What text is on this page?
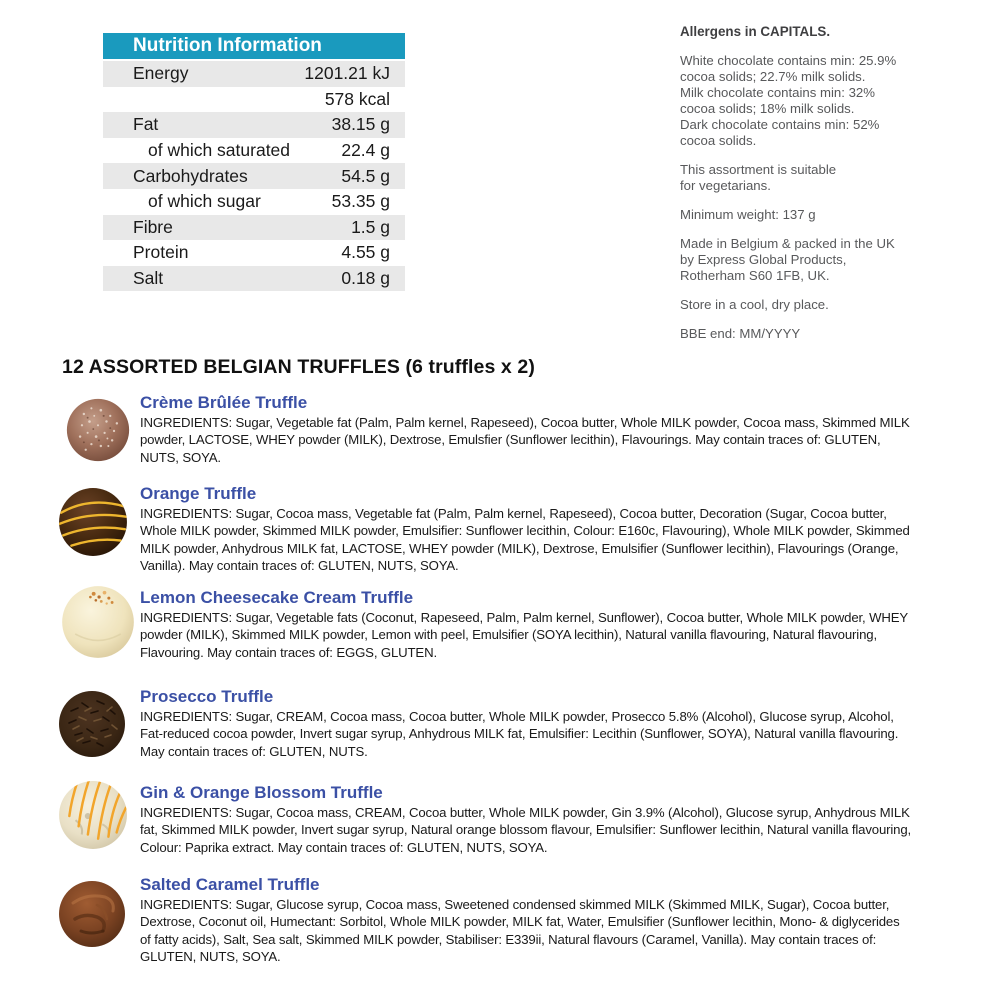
Nutrition Information
Energy	1201.21 kJ
578 kcal
Fat	38.15 g
of which saturated	22.4 g
Carbohydrates	54.5 g
of which sugar	53.35 g
Fibre	1.5 g
Protein	4.55 g
Salt	0.18 g
Allergens in CAPITALS.

White chocolate contains min: 25.9%
cocoa solids; 22.7% milk solids.
Milk chocolate contains min: 32%
cocoa solids; 18% milk solids.
Dark chocolate contains min: 52%
cocoa solids.

This assortment is suitable
for vegetarians.

Minimum weight: 137 g

Made in Belgium & packed in the UK
by Express Global Products,
Rotherham S60 1FB, UK.

Store in a cool, dry place.

BBE end: MM/YYYY

12 ASSORTED BELGIAN TRUFFLES (6 truffles x 2)
Crème Brûlée Truffle

INGREDIENTS: Sugar, Vegetable fat (Palm, Palm kernel, Rapeseed), Cocoa butter, Whole MILK powder, Cocoa mass, Skimmed MILK powder, LACTOSE, WHEY powder (MILK), Dextrose, Emulsfier (Sunflower lecithin), Flavourings. May contain traces of: GLUTEN, NUTS, SOYA.

Orange Truffle

INGREDIENTS: Sugar, Cocoa mass, Vegetable fat (Palm, Palm kernel, Rapeseed), Cocoa butter, Decoration (Sugar, Cocoa butter, Whole MILK powder, Skimmed MILK powder, Emulsifier: Sunflower lecithin, Colour: E160c, Flavouring), Whole MILK powder, Skimmed MILK powder, Anhydrous MILK fat, LACTOSE, WHEY powder (MILK), Dextrose, Emulsifier (Sunflower lecithin), Flavourings (Orange, Vanilla). May contain traces of: GLUTEN, NUTS, SOYA.

Lemon Cheesecake Cream Truffle

INGREDIENTS: Sugar, Vegetable fats (Coconut, Rapeseed, Palm, Palm kernel, Sunflower), Cocoa butter, Whole MILK powder, WHEY powder (MILK), Skimmed MILK powder, Lemon with peel, Emulsifier (SOYA lecithin), Natural vanilla flavouring, Natural flavouring, Flavouring. May contain traces of: EGGS, GLUTEN.

Prosecco Truffle

INGREDIENTS: Sugar, CREAM, Cocoa mass, Cocoa butter, Whole MILK powder, Prosecco 5.8% (Alcohol), Glucose syrup, Alcohol, Fat-reduced cocoa powder, Invert sugar syrup, Anhydrous MILK fat, Emulsifier: Lecithin (Sunflower, SOYA), Natural vanilla flavouring. May contain traces of: GLUTEN, NUTS.

Gin & Orange Blossom Truffle

INGREDIENTS: Sugar, Cocoa mass, CREAM, Cocoa butter, Whole MILK powder, Gin 3.9% (Alcohol), Glucose syrup, Anhydrous MILK fat, Skimmed MILK powder, Invert sugar syrup, Natural orange blossom flavour, Emulsifier: Sunflower lecithin, Natural vanilla flavouring, Colour: Paprika extract. May contain traces of: GLUTEN, NUTS, SOYA.

Salted Caramel Truffle

INGREDIENTS: Sugar, Glucose syrup, Cocoa mass, Sweetened condensed skimmed MILK (Skimmed MILK, Sugar), Cocoa butter, Dextrose, Coconut oil, Humectant: Sorbitol, Whole MILK powder, MILK fat, Water, Emulsifier (Sunflower lecithin, Mono- & diglycerides of fatty acids), Salt, Sea salt, Skimmed MILK powder, Stabiliser: E339ii, Natural flavours (Caramel, Vanilla). May contain traces of: GLUTEN, NUTS, SOYA.
